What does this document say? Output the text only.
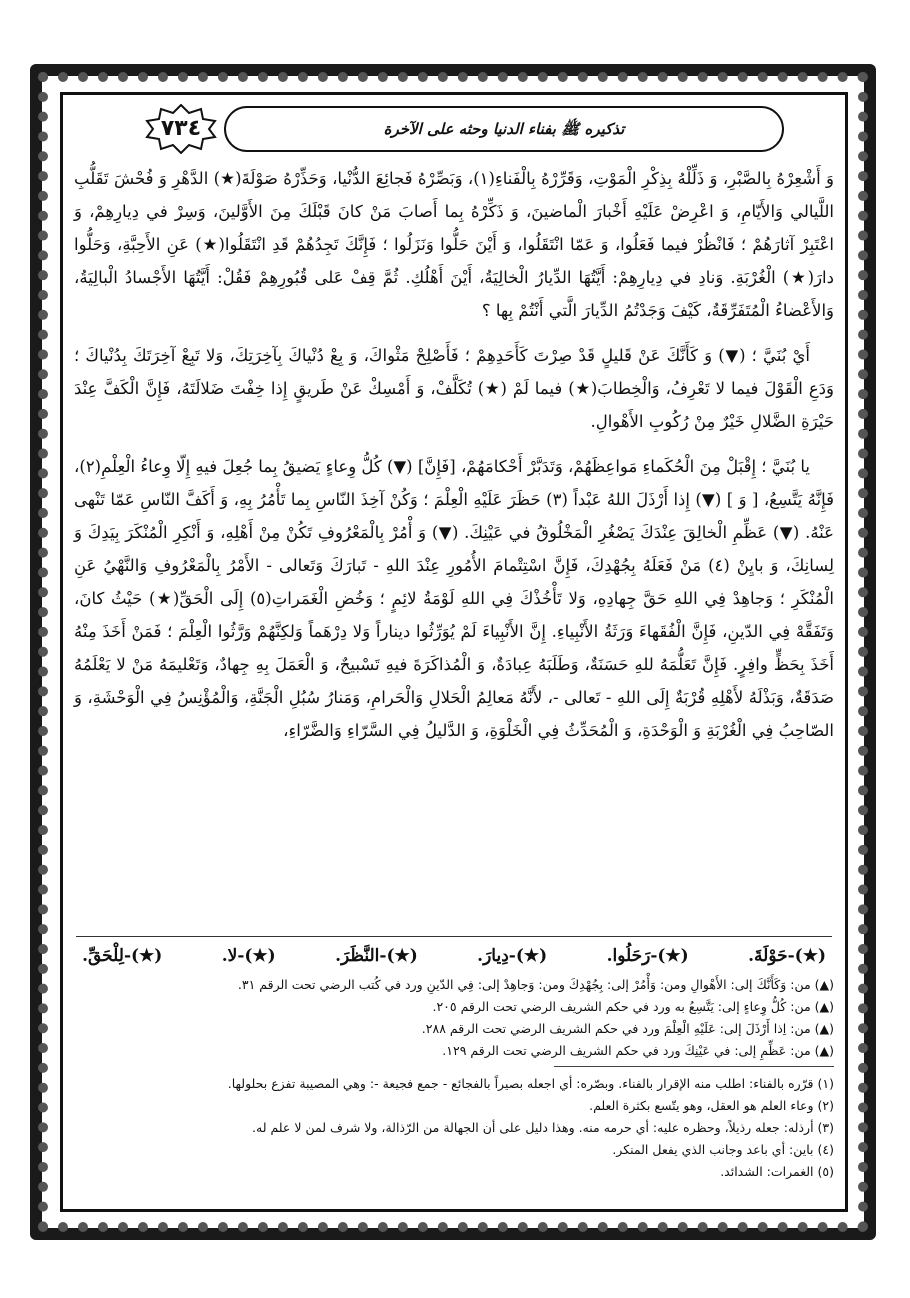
تذكيره ﷺ بفناء الدنيا وحثه على الآخرة
٧٣٤

وَ أَشْعِرْهُ بِالصَّبْرِ، وَ ذَلِّلْهُ بِذِكْرِ الْمَوْتِ، وَقَرِّرْهُ بِالْفَناءِ(١)، وَبَصِّرْهُ فَجائِعَ الدُّنْيا، وَحَذِّرْهُ صَوْلَةَ(★) الدَّهْرِ وَ فُحْشَ تَقَلُّبِ اللَّيالي وَالأَيّامِ، وَ اعْرِضْ عَلَيْهِ أَخْبارَ الْماضينَ، وَ ذَكِّرْهُ بِما أَصابَ مَنْ كانَ قَبْلَكَ مِنَ الأَوَّلينَ، وَسِرْ في دِيارِهِمْ، وَ اعْتَبِرْ آثارَهُمْ ؛ فَانْظُرْ فيما فَعَلُوا، وَ عَمّا انْتَقَلُوا، وَ أَيْنَ حَلُّوا وَنَزَلُوا ؛ فَإِنَّكَ تَجِدُهُمْ قَدِ انْتَقَلُوا(★) عَنِ الأَحِبَّةِ، وَحَلُّوا دارَ(★) الْغُرْبَةِ. وَنادِ في دِيارِهِمْ: أَيَّتُهَا الدِّيارُ الْخالِيَةُ، أَيْنَ أَهْلُكِ. ثُمَّ قِفْ عَلى قُبُورِهِمْ فَقُلْ: أَيَّتُهَا الأَجْسادُ الْبالِيَةُ، وَالأَعْضاءُ الْمُتَفَرِّقَةُ، كَيْفَ وَجَدْتُمُ الدِّيارَ الَّتي أَنْتُمْ بِها ؟

أَيْ بُنَيَّ ؛ (▼) وَ كَأَنَّكَ عَنْ قَليلٍ قَدْ صِرْتَ كَأَحَدِهِمْ ؛ فَأَصْلِحْ مَثْواكَ، وَ بِعْ دُنْياكَ بِآخِرَتِكَ، وَلا تَبِعْ آخِرَتَكَ بِدُنْياكَ ؛ وَدَعِ الْقَوْلَ فيما لا تَعْرِفُ، وَالْخِطابَ(★) فيما لَمْ (★) تُكَلَّفْ، وَ أَمْسِكْ عَنْ طَريقٍ إِذا خِفْتَ ضَلالَتَهُ، فَإِنَّ الْكَفَّ عِنْدَ حَيْرَةِ الضَّلالِ خَيْرٌ مِنْ رُكُوبِ الأَهْوالِ.

يا بُنَيَّ ؛ إِقْبَلْ مِنَ الْحُكَماءِ مَواعِظَهُمْ، وَتَدَبَّرْ أَحْكامَهُمْ، [فَإِنَّ] (▼) كُلُّ وِعاءٍ يَضيقُ بِما جُعِلَ فيهِ إِلّا وِعاءُ الْعِلْمِ(٢)، فَإِنَّهُ يَتَّسِعُ، [ وَ ] (▼) إِذا أَرْذَلَ اللهُ عَبْداً (٣) حَظَرَ عَلَيْهِ الْعِلْمَ ؛ وَكُنْ آخِذَ النّاسِ بِما تَأْمُرُ بِهِ، وَ أَكَفَّ النّاسِ عَمّا تَنْهى عَنْهُ. (▼) عَظِّمِ الْخالِقَ عِنْدَكَ يَصْغُرِ الْمَخْلُوقُ في عَيْنِكَ. (▼) وَ أْمُرْ بِالْمَعْرُوفِ تَكُنْ مِنْ أَهْلِهِ، وَ أَنْكِرِ الْمُنْكَرَ بِيَدِكَ وَ لِسانِكَ، وَ بايِنْ (٤) مَنْ فَعَلَهُ بِجُهْدِكَ، فَإِنَّ اسْتِتْمامَ الأُمُورِ عِنْدَ اللهِ - تَبارَكَ وَتَعالى - الأَمْرُ بِالْمَعْرُوفِ وَالنَّهْيُ عَنِ الْمُنْكَرِ ؛ وَجاهِدْ فِي اللهِ حَقَّ جِهادِهِ، وَلا تَأْخُذْكَ فِي اللهِ لَوْمَةُ لائِمٍ ؛ وَخُضِ الْغَمَراتِ(٥) إِلَى الْحَقِّ(★) حَيْثُ كانَ، وَتَفَقَّهْ فِي الدّينِ، فَإِنَّ الْفُقَهاءَ وَرَثَةُ الأَنْبِياءِ. إِنَّ الأَنْبِياءَ لَمْ يُوَرِّثُوا ديناراً وَلا دِرْهَماً وَلكِنَّهُمْ وَرَّثُوا الْعِلْمَ ؛ فَمَنْ أَخَذَ مِنْهُ أَخَذَ بِحَظٍّ وافِرٍ. فَإِنَّ تَعَلُّمَهُ للهِ حَسَنَةٌ، وَطَلَبَهُ عِبادَةٌ، وَ الْمُذاكَرَةَ فيهِ تَسْبيحٌ، وَ الْعَمَلَ بِهِ جِهادٌ، وَتَعْليمَهُ مَنْ لا يَعْلَمُهُ صَدَقَةٌ، وَبَذْلَهُ لأَهْلِهِ قُرْبَةٌ إِلَى اللهِ - تَعالى -، لأَنَّهُ مَعالِمُ الْحَلالِ وَالْحَرامِ، وَمَنارُ سُبُلِ الْجَنَّةِ، وَالْمُؤْنِسُ فِي الْوَحْشَةِ، وَ الصّاحِبُ فِي الْغُرْبَةِ وَ الْوَحْدَةِ، وَ الْمُحَدِّثُ فِي الْخَلْوَةِ، وَ الدَّليلُ فِي السَّرّاءِ وَالضَّرّاءِ،

(★)-حَوْلَةَ.
(★)-رَحَلُوا.
(★)-دِيارَ.
(★)-النَّظَرَ.
(★)-لا.
(★)-لِلْحَقِّ.
(▲) من: وَكَأَنَّكَ إلى: الأَهْوالِ ومن: وَأْمُرْ إلى: بِجُهْدِكَ ومن: وَجاهِدْ إلى: فِي الدّينِ ورد في كُتب الرضي تحت الرقم ٣١.
(▲) من: كُلُّ وِعاءٍ إلى: يَتَّسِعُ به ورد في حكم الشريف الرضي تحت الرقم ٢٠٥.
(▲) من: اِذا أَرْذَلَ إلى: عَلَيْهِ الْعِلْمَ ورد في حكم الشريف الرضي تحت الرقم ٢٨٨.
(▲) من: عَظِّمِ إلى: في عَيْنِكَ ورد في حكم الشريف الرضي تحت الرقم ١٢٩.
(١) قرّره بالفناء: اطلب منه الإقرار بالفناء. وبصّره: أي اجعله بصيراً بالفجائع - جمع فجيعة -: وهي المصيبة تفزع بحلولها.
(٢) وعاء العلم هو العقل، وهو يتّسع بكثرة العلم.
(٣) أرذله: جعله رذيلاً، وحظره عليه: أي حرمه منه. وهذا دليل على أن الجهالة من الرّذالة، ولا شرف لمن لا علم له.
(٤) باين: أي باعد وجانب الذي يفعل المنكر.
(٥) الغمرات: الشدائد.
